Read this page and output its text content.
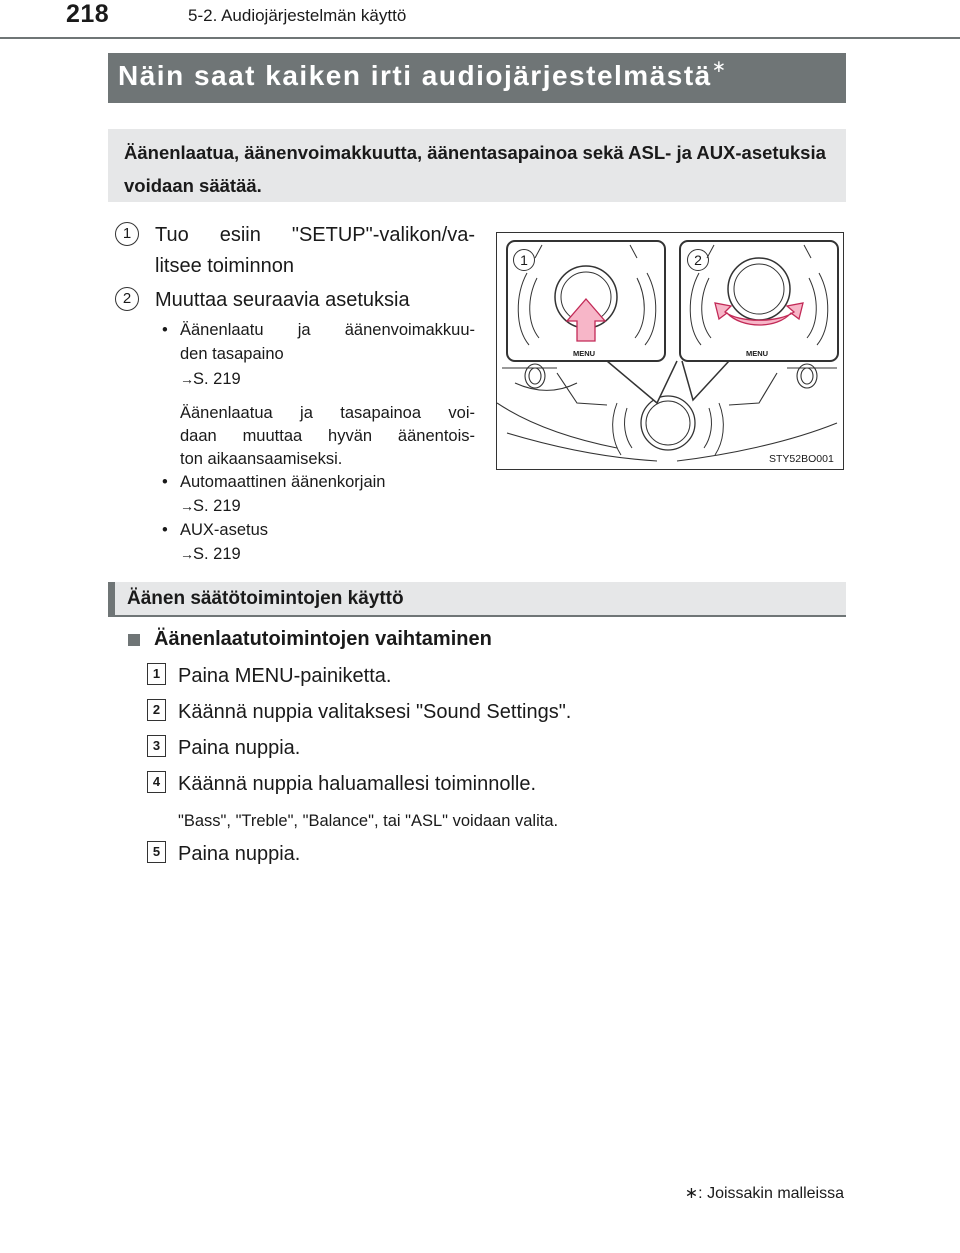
218	5-2. Audiojärjestelmän käyttö
Näin saat kaiken irti audiojärjestelmästä∗
Äänenlaatua, äänenvoimakkuutta, äänentasapainoa sekä ASL- ja AUX-asetuksia voidaan säätää.
1	Tuo esiin "SETUP"-valikon/va-
litsee toiminnon
2	Muuttaa seuraavia asetuksia
• Äänenlaatu ja äänenvoimakkuu-
den tasapaino
→S. 219
Äänenlaatua ja tasapainoa voi-
daan muuttaa hyvän äänentois-
ton aikaansaamiseksi.
• Automaattinen äänenkorjain
→S. 219
• AUX-asetus
→S. 219
1	2
MENU	MENU
STY52BO001
Äänen säätötoimintojen käyttö
Äänenlaatutoimintojen vaihtaminen
1 Paina MENU-painiketta.
2 Käännä nuppia valitaksesi "Sound Settings".
3 Paina nuppia.
4 Käännä nuppia haluamallesi toiminnolle.
"Bass", "Treble", "Balance", tai "ASL" voidaan valita.
5 Paina nuppia.
∗: Joissakin malleissa
